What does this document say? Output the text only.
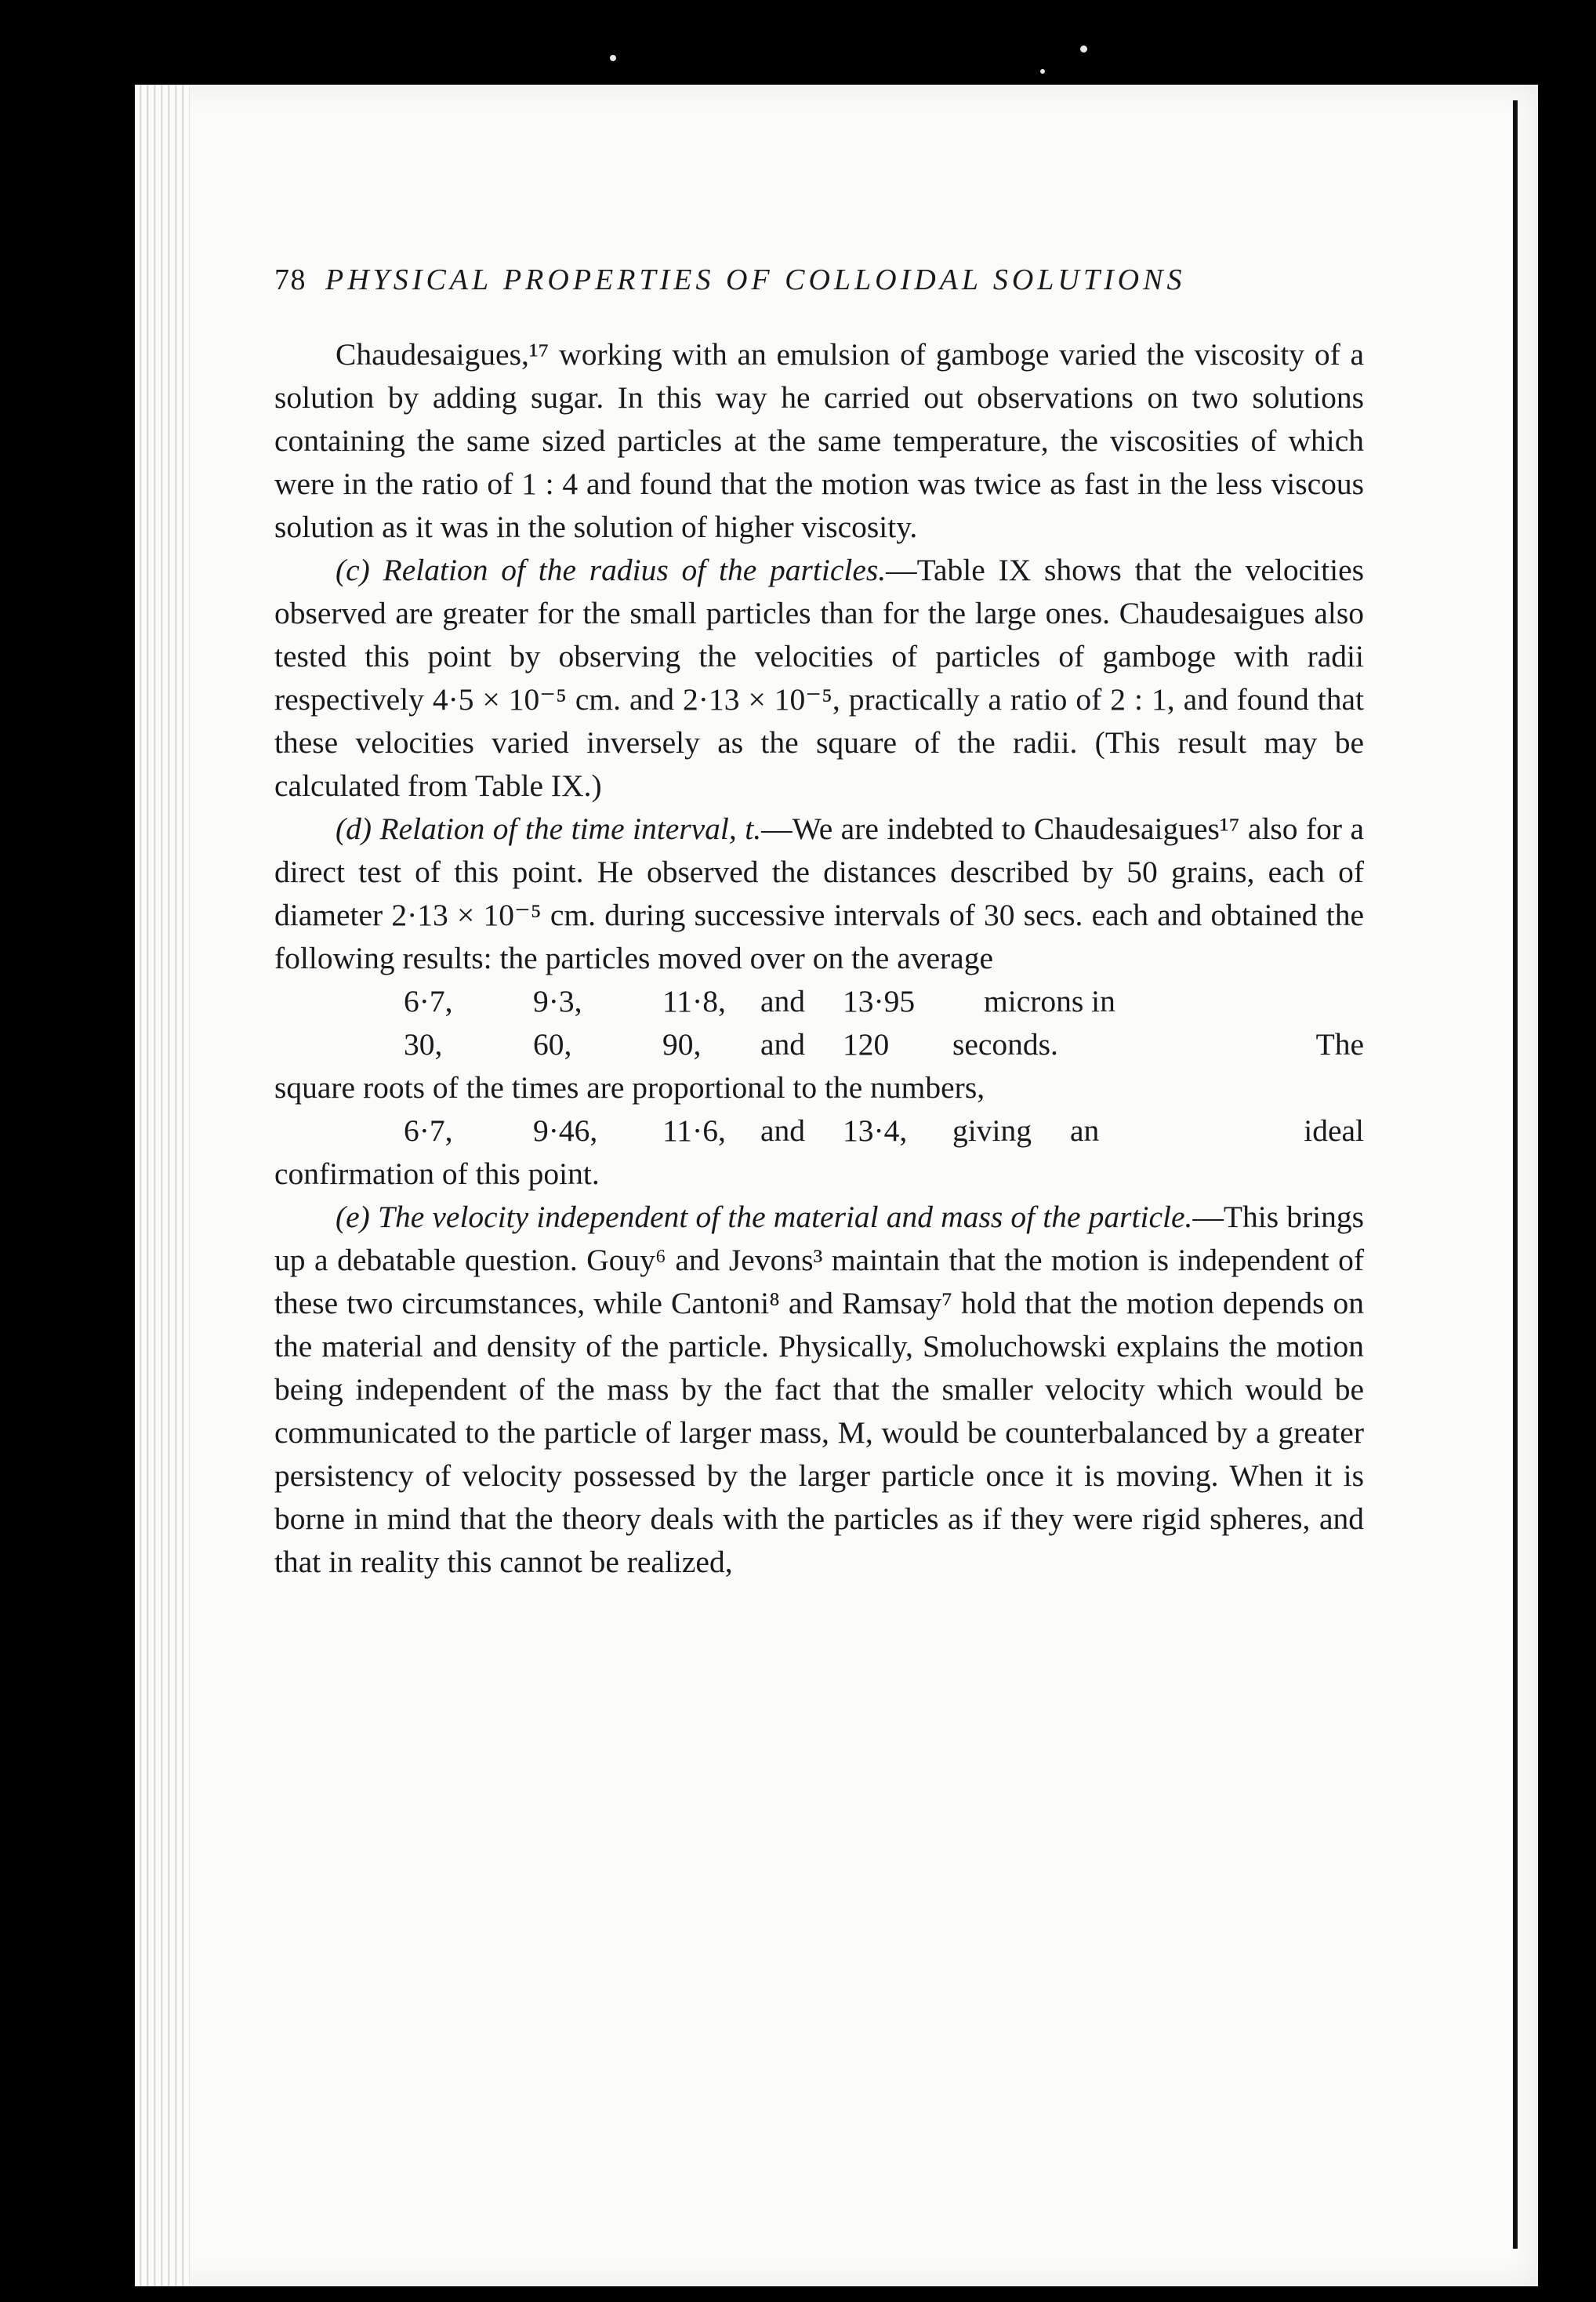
78 PHYSICAL PROPERTIES OF COLLOIDAL SOLUTIONS

Chaudesaigues,¹⁷ working with an emulsion of gamboge varied the viscosity of a solution by adding sugar. In this way he carried out observations on two solutions containing the same sized particles at the same temperature, the viscosities of which were in the ratio of 1 : 4 and found that the motion was twice as fast in the less viscous solution as it was in the solution of higher viscosity.

(c) Relation of the radius of the particles.—Table IX shows that the velocities observed are greater for the small particles than for the large ones. Chaudesaigues also tested this point by observing the velocities of particles of gamboge with radii respectively 4·5 × 10⁻⁵ cm. and 2·13 × 10⁻⁵, practically a ratio of 2 : 1, and found that these velocities varied inversely as the square of the radii. (This result may be calculated from Table IX.)

(d) Relation of the time interval, t.—We are indebted to Chaudesaigues¹⁷ also for a direct test of this point. He observed the distances described by 50 grains, each of diameter 2·13 × 10⁻⁵ cm. during successive intervals of 30 secs. each and obtained the following results: the particles moved over on the average

6·7,	9·3,	11·8,	and	13·95	microns in
30,	60,	90,	and	120	seconds.	The

square roots of the times are proportional to the numbers,

6·7,	9·46,	11·6,	and	13·4,	giving	an	ideal

confirmation of this point.

(e) The velocity independent of the material and mass of the particle.—This brings up a debatable question. Gouy⁶ and Jevons³ maintain that the motion is independent of these two circumstances, while Cantoni⁸ and Ramsay⁷ hold that the motion depends on the material and density of the particle. Physically, Smoluchowski explains the motion being independent of the mass by the fact that the smaller velocity which would be communicated to the particle of larger mass, M, would be counterbalanced by a greater persistency of velocity possessed by the larger particle once it is moving. When it is borne in mind that the theory deals with the particles as if they were rigid spheres, and that in reality this cannot be realized,
